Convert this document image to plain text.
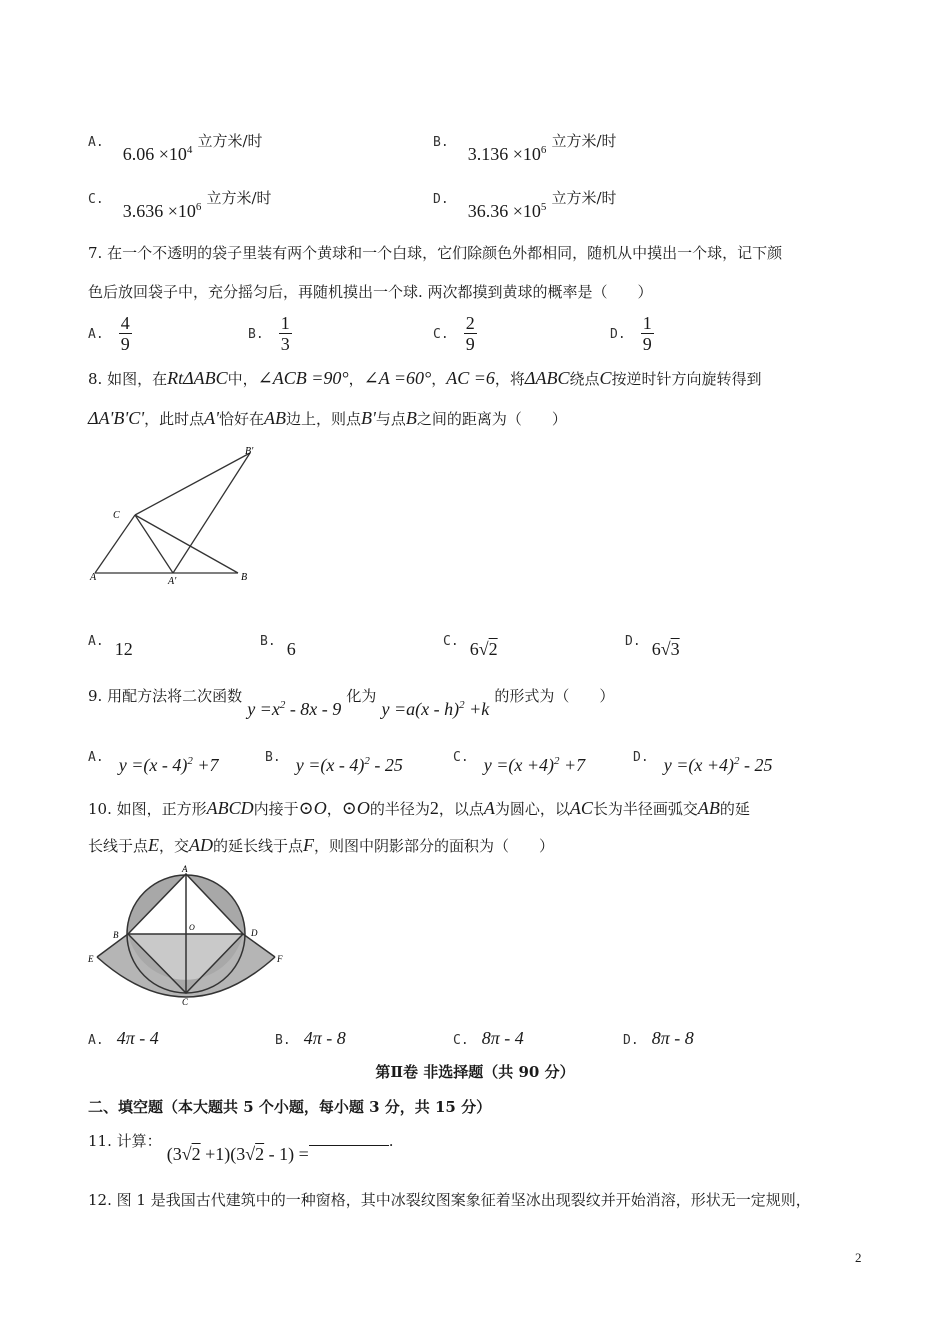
A. $6.06 \times 10^4$ 立方米/时	B. $3.136 \times 10^6$ 立方米/时
C. $3.636 \times 10^6$ 立方米/时	D. $36.36 \times 10^5$ 立方米/时
7. 在一个不透明的袋子里装有两个黄球和一个白球，它们除颜色外都相同，随机从中摸出一个球，记下颜
色后放回袋子中，充分摇匀后，再随机摸出一个球. 两次都摸到黄球的概率是（　　）
A. $\frac{4}{9}$	B. $\frac{1}{3}$	C. $\frac{2}{9}$	D. $\frac{1}{9}$
8. 如图，在RtΔABC中，∠ACB =90°，∠A =60°，AC =6，将ΔABC绕点C按逆时针方向旋转得到
ΔA'B'C'，此时点A'恰好在AB边上，则点B'与点B之间的距离为（　　）
B'
C
A	A'	B
A. 12	B. 6	C. 6√2	D. 6√3
9. 用配方法将二次函数 $y =x^2 - 8x - 9$ 化为 y =a(x - h)$^2$ +k 的形式为（　　）
A. y =(x - 4)$^2$ +7	B. y =(x - 4)$^2$ - 25	C. $y =(x +4)^2 +7$	D. $y =(x +4)^2 - 25$
10. 如图，正方形ABCD内接于⊙O，⊙O的半径为2，以点A为圆心，以AC长为半径画弧交AB的延
长线于点E，交AD的延长线于点F，则图中阴影部分的面积为（　　）
A
B	D
E	F
C
O
A. 4π - 4	B. 4π - 8	C. 8π - 4	D. 8π - 8
第Ⅱ卷 非选择题（共 90 分）
二、填空题（本大题共 5 个小题，每小题 3 分，共 15 分）
11. 计算： (3√2 +1)(3√2 - 1) =.
12. 图 1 是我国古代建筑中的一种窗格，其中冰裂纹图案象征着坚冰出现裂纹并开始消溶，形状无一定规则，
2
